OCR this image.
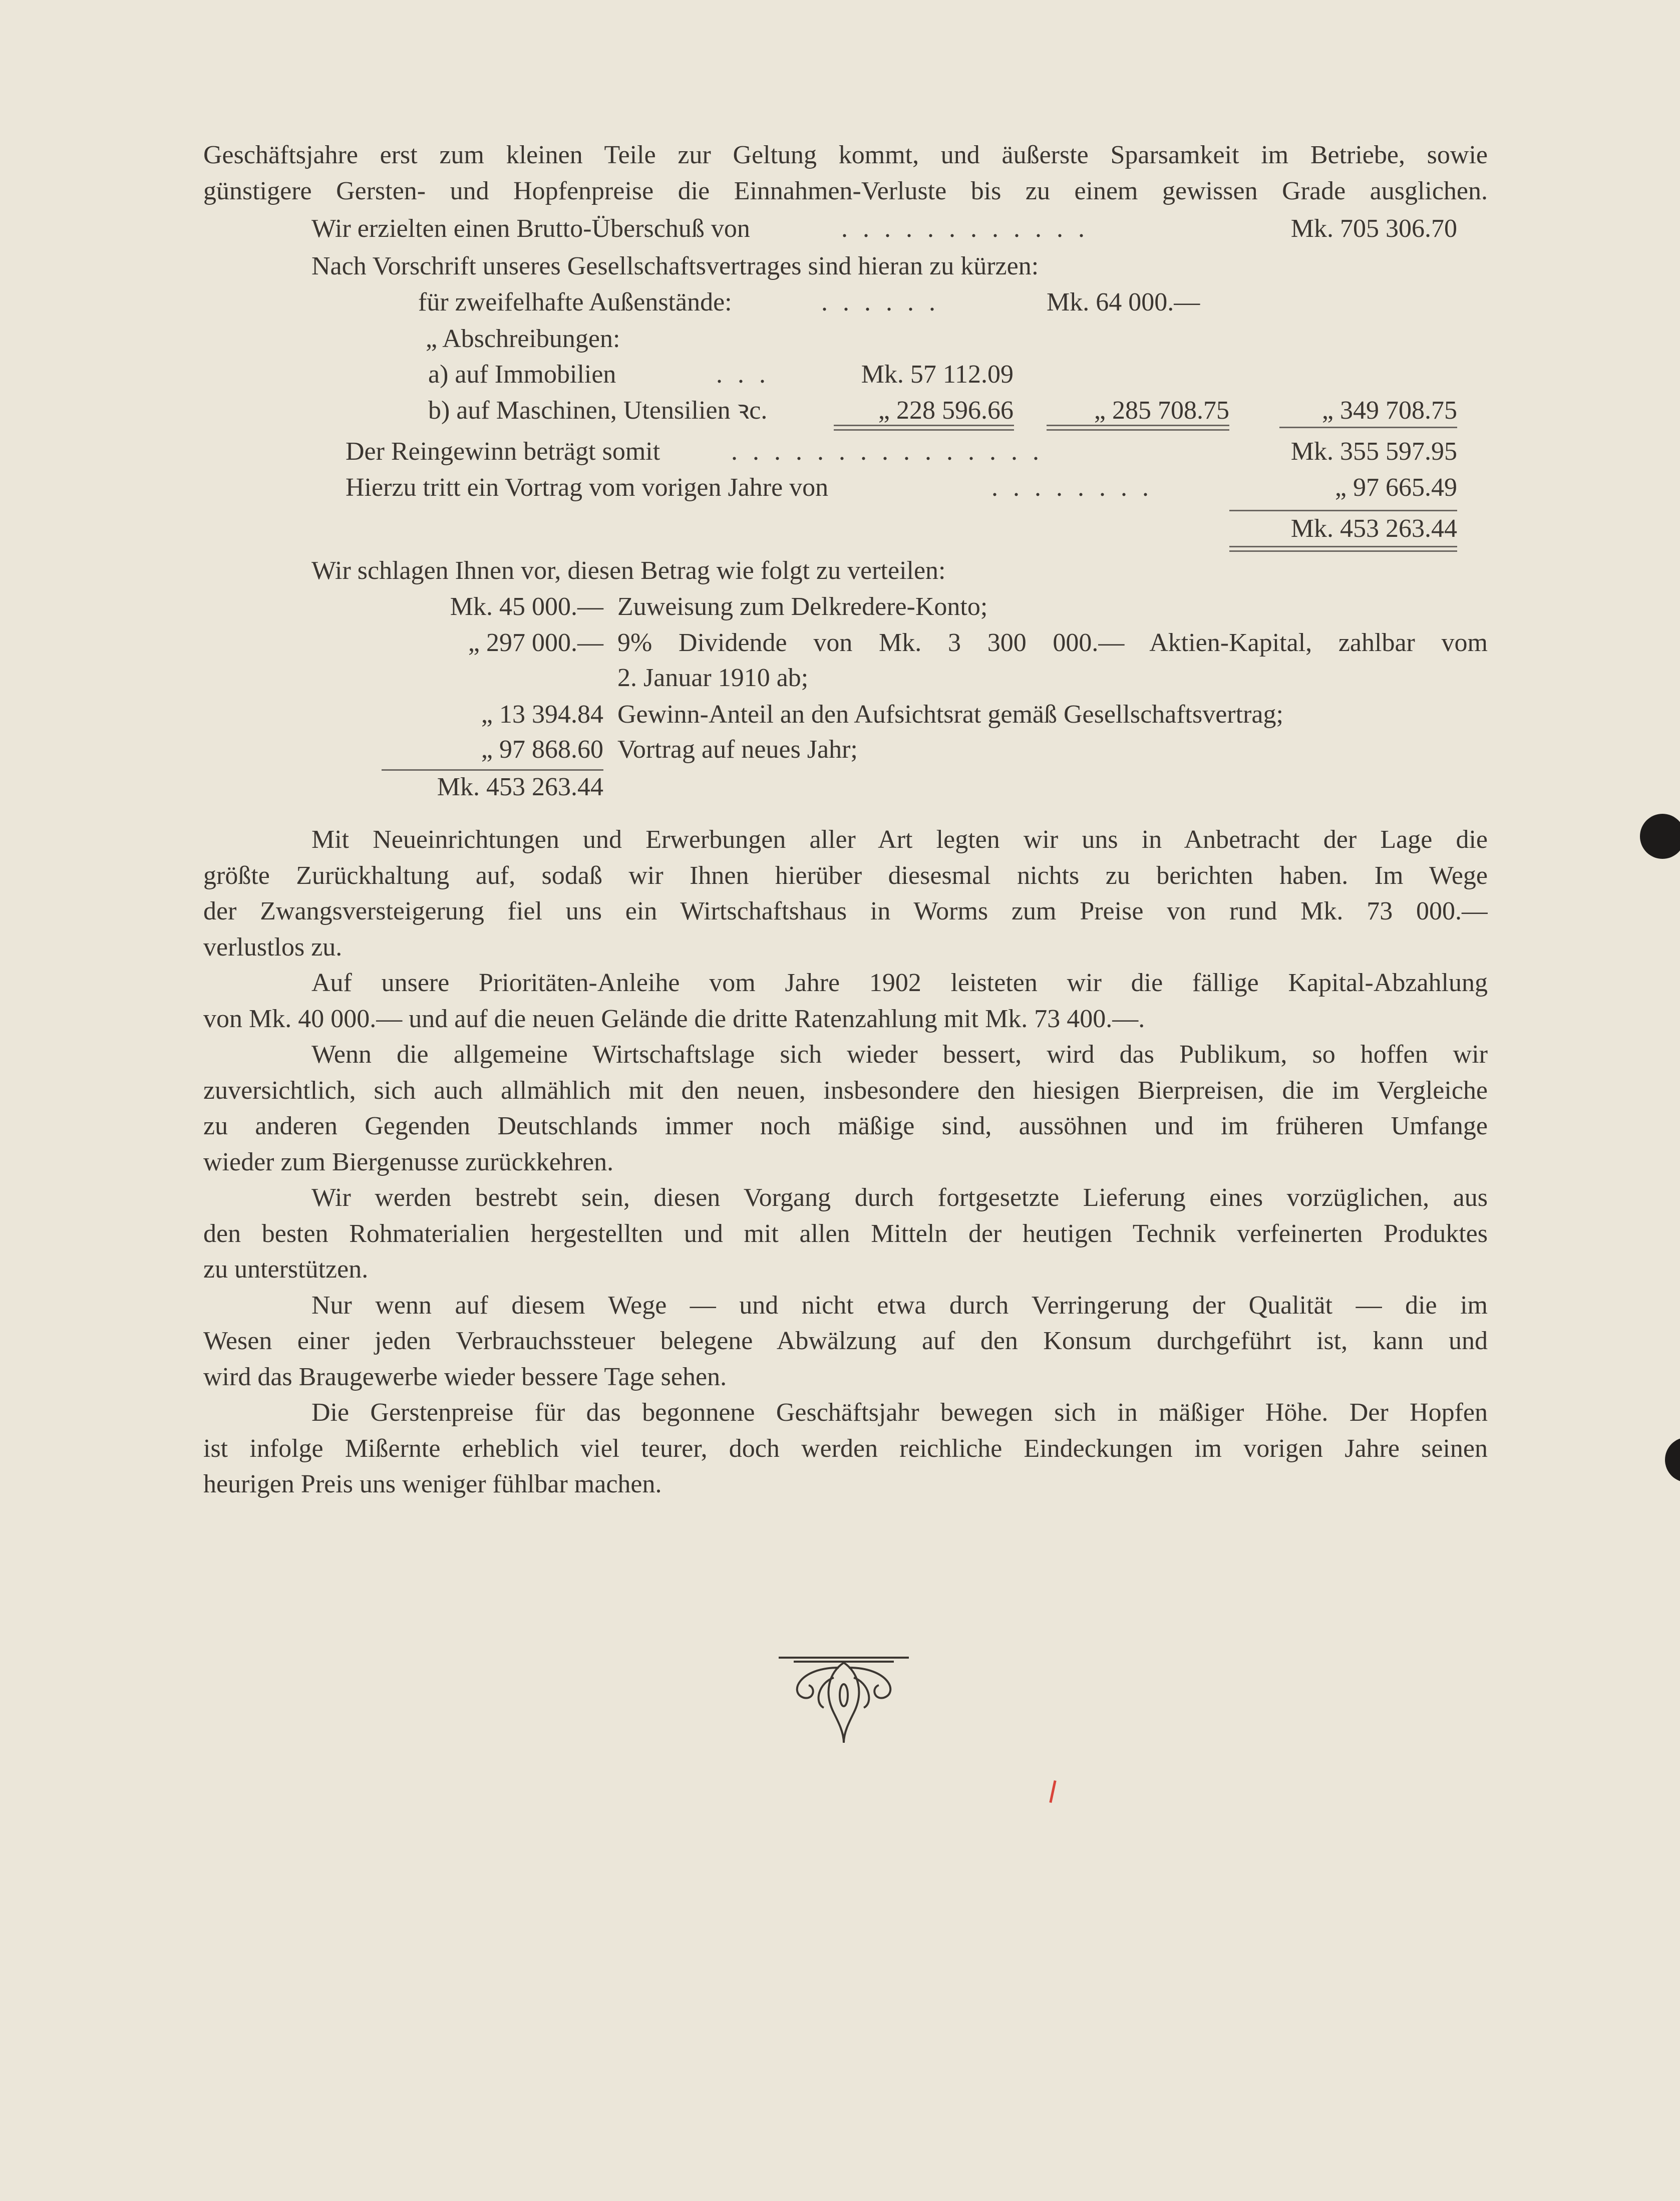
Geschäftsjahre erst zum kleinen Teile zur Geltung kommt, und äußerste Sparsamkeit im Betriebe, sowie
günstigere Gersten- und Hopfenpreise die Einnahmen-Verluste bis zu einem gewissen Grade ausglichen.
Wir erzielten einen Brutto-Überschuß von	............	Mk. 705 306.70
Nach Vorschrift unseres Gesellschaftsvertrages sind hieran zu kürzen:
für zweifelhafte Außenstände:	......	Mk. 64 000.—
„ Abschreibungen:
a) auf Immobilien	...	Mk. 57 112.09
b) auf Maschinen, Utensilien ꝛc.	„ 228 596.66	„ 285 708.75	„ 349 708.75
Der Reingewinn beträgt somit	...............	Mk. 355 597.95
Hierzu tritt ein Vortrag vom vorigen Jahre von	........	„ 97 665.49
Mk. 453 263.44
Wir schlagen Ihnen vor, diesen Betrag wie folgt zu verteilen:
Mk. 45 000.— Zuweisung zum Delkredere-Konto;
„ 297 000.— 9% Dividende von Mk. 3 300 000.— Aktien-Kapital, zahlbar vom
2. Januar 1910 ab;
„ 13 394.84 Gewinn-Anteil an den Aufsichtsrat gemäß Gesellschaftsvertrag;
„ 97 868.60 Vortrag auf neues Jahr;
Mk. 453 263.44
Mit Neueinrichtungen und Erwerbungen aller Art legten wir uns in Anbetracht der Lage die
größte Zurückhaltung auf, sodaß wir Ihnen hierüber diesesmal nichts zu berichten haben. Im Wege
der Zwangsversteigerung fiel uns ein Wirtschaftshaus in Worms zum Preise von rund Mk. 73 000.—
verlustlos zu.
Auf unsere Prioritäten-Anleihe vom Jahre 1902 leisteten wir die fällige Kapital-Abzahlung
von Mk. 40 000.— und auf die neuen Gelände die dritte Ratenzahlung mit Mk. 73 400.—.
Wenn die allgemeine Wirtschaftslage sich wieder bessert, wird das Publikum, so hoffen wir
zuversichtlich, sich auch allmählich mit den neuen, insbesondere den hiesigen Bierpreisen, die im Vergleiche
zu anderen Gegenden Deutschlands immer noch mäßige sind, aussöhnen und im früheren Umfange
wieder zum Biergenusse zurückkehren.
Wir werden bestrebt sein, diesen Vorgang durch fortgesetzte Lieferung eines vorzüglichen, aus
den besten Rohmaterialien hergestellten und mit allen Mitteln der heutigen Technik verfeinerten Produktes
zu unterstützen.
Nur wenn auf diesem Wege — und nicht etwa durch Verringerung der Qualität — die im
Wesen einer jeden Verbrauchssteuer belegene Abwälzung auf den Konsum durchgeführt ist, kann und
wird das Braugewerbe wieder bessere Tage sehen.
Die Gerstenpreise für das begonnene Geschäftsjahr bewegen sich in mäßiger Höhe. Der Hopfen
ist infolge Mißernte erheblich viel teurer, doch werden reichliche Eindeckungen im vorigen Jahre seinen
heurigen Preis uns weniger fühlbar machen.
